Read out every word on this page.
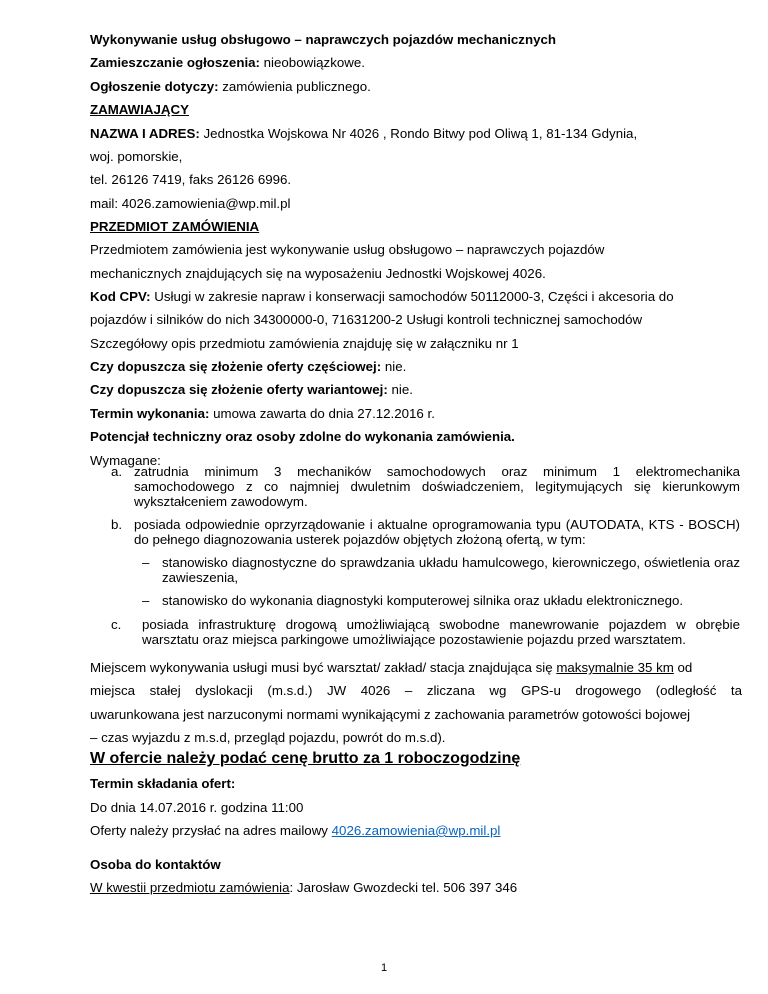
Wykonywanie usług obsługowo – naprawczych pojazdów mechanicznych
Zamieszczanie ogłoszenia: nieobowiązkowe.
Ogłoszenie dotyczy: zamówienia publicznego.
ZAMAWIAJĄCY
NAZWA I ADRES: Jednostka Wojskowa Nr 4026 , Rondo Bitwy pod Oliwą 1, 81-134 Gdynia,
woj. pomorskie,
tel. 26126 7419, faks 26126 6996.
mail: 4026.zamowienia@wp.mil.pl
PRZEDMIOT ZAMÓWIENIA
Przedmiotem zamówienia jest wykonywanie usług obsługowo – naprawczych pojazdów
mechanicznych znajdujących się na wyposażeniu Jednostki Wojskowej 4026.
Kod CPV: Usługi w zakresie napraw i konserwacji samochodów 50112000-3, Części i akcesoria do
pojazdów i silników do nich 34300000-0, 71631200-2 Usługi kontroli technicznej samochodów
Szczegółowy opis przedmiotu zamówienia znajduję się w załączniku nr 1
Czy dopuszcza się złożenie oferty częściowej: nie.
Czy dopuszcza się złożenie oferty wariantowej: nie.
Termin wykonania: umowa zawarta do dnia 27.12.2016 r.
Potencjał techniczny oraz osoby zdolne do wykonania zamówienia.
Wymagane:
a. zatrudnia minimum 3 mechaników samochodowych oraz minimum 1 elektromechanika samochodowego z co najmniej dwuletnim doświadczeniem, legitymujących się kierunkowym wykształceniem zawodowym.
b. posiada odpowiednie oprzyrządowanie i aktualne oprogramowania typu (AUTODATA, KTS - BOSCH) do pełnego diagnozowania usterek pojazdów objętych złożoną ofertą, w tym:
– stanowisko diagnostyczne do sprawdzania układu hamulcowego, kierowniczego, oświetlenia oraz zawieszenia,
– stanowisko do wykonania diagnostyki komputerowej silnika oraz układu elektronicznego.
c. posiada infrastrukturę drogową umożliwiającą swobodne manewrowanie pojazdem w obrębie warsztatu oraz miejsca parkingowe umożliwiające pozostawienie pojazdu przed warsztatem.
Miejscem wykonywania usługi musi być warsztat/ zakład/ stacja znajdująca się maksymalnie 35 km od
miejsca stałej dyslokacji (m.s.d.) JW 4026 – zliczana wg GPS-u drogowego (odległość ta
uwarunkowana jest narzuconymi normami wynikającymi z zachowania parametrów gotowości bojowej
– czas wyjazdu z m.s.d, przegląd pojazdu, powrót do m.s.d).
W ofercie należy podać cenę brutto za 1 roboczogodzinę
Termin składania ofert:
Do dnia 14.07.2016 r. godzina 11:00
Oferty należy przysłać na adres mailowy 4026.zamowienia@wp.mil.pl
Osoba do kontaktów
W kwestii przedmiotu zamówienia: Jarosław Gwozdecki tel. 506 397 346
1
